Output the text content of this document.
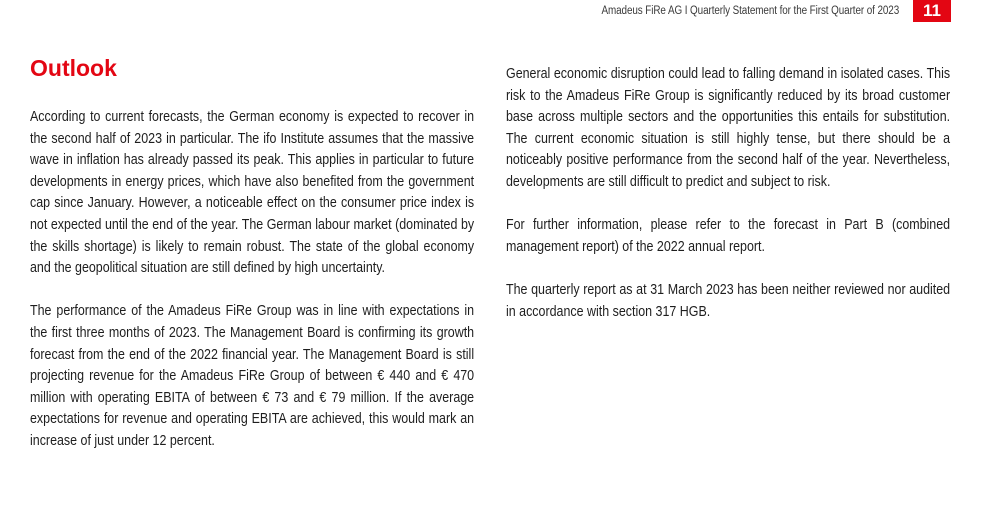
Amadeus FiRe AG I Quarterly Statement for the First Quarter of 2023	11
Outlook

According to current forecasts, the German economy is expected to recover in the second half of 2023 in particular. The ifo Institute assumes that the massive wave in inflation has already passed its peak. This applies in particular to future developments in energy prices, which have also benefited from the government cap since January. However, a noticeable effect on the consumer price index is not expected until the end of the year. The German labour market (dominated by the skills shortage) is likely to remain robust. The state of the global economy and the geopolitical situation are still defined by high uncertainty.

The performance of the Amadeus FiRe Group was in line with expectations in the first three months of 2023. The Management Board is confirming its growth forecast from the end of the 2022 financial year. The Management Board is still projecting revenue for the Amadeus FiRe Group of between € 440 and € 470 million with operating EBITA of between € 73 and € 79 million. If the average expectations for revenue and operating EBITA are achieved, this would mark an increase of just under 12 percent.

General economic disruption could lead to falling demand in isolated cases. This risk to the Amadeus FiRe Group is significantly reduced by its broad customer base across multiple sectors and the opportunities this entails for substitution. The current economic situation is still highly tense, but there should be a noticeably positive performance from the second half of the year. Nevertheless, developments are still difficult to predict and subject to risk.

For further information, please refer to the forecast in Part B (combined management report) of the 2022 annual report.

The quarterly report as at 31 March 2023 has been neither reviewed nor audited in accordance with section 317 HGB.
